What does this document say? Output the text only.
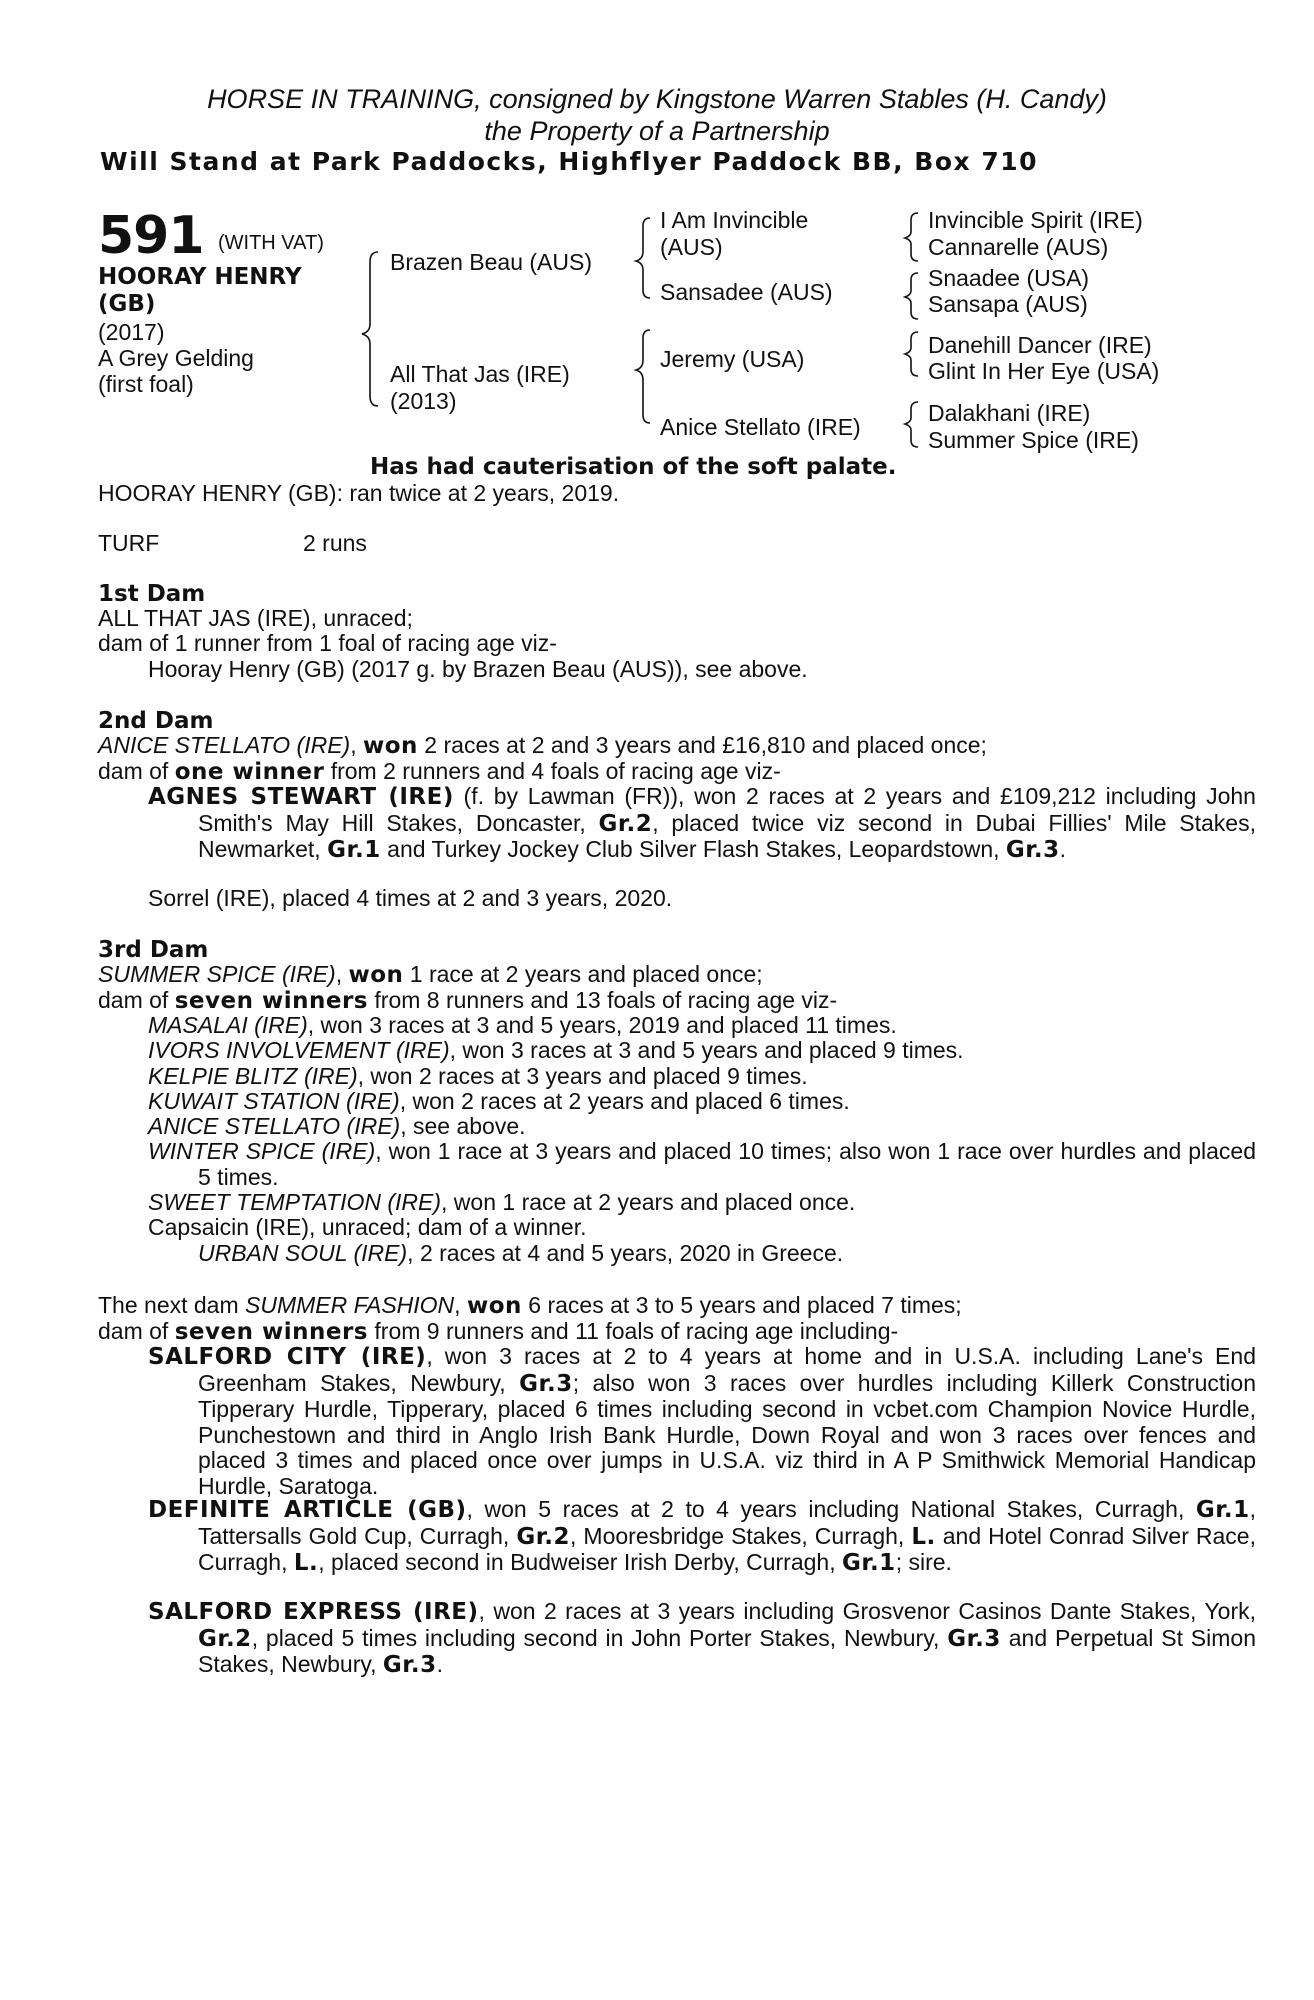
HORSE IN TRAINING, consigned by Kingstone Warren Stables (H. Candy)
the Property of a Partnership
Will Stand at Park Paddocks, Highflyer Paddock BB, Box 710
591 (WITH VAT)
HOORAY HENRY
(GB)
(2017)
A Grey Gelding
(first foal)
Brazen Beau (AUS)
All That Jas (IRE)
(2013)
I Am Invincible
(AUS)
Sansadee (AUS)
Jeremy (USA)
Anice Stellato (IRE)
Invincible Spirit (IRE)
Cannarelle (AUS)
Snaadee (USA)
Sansapa (AUS)
Danehill Dancer (IRE)
Glint In Her Eye (USA)
Dalakhani (IRE)
Summer Spice (IRE)
Has had cauterisation of the soft palate.
HOORAY HENRY (GB): ran twice at 2 years, 2019.
TURF	2 runs
1st Dam
ALL THAT JAS (IRE), unraced;
dam of 1 runner from 1 foal of racing age viz-
Hooray Henry (GB) (2017 g. by Brazen Beau (AUS)), see above.
2nd Dam
ANICE STELLATO (IRE), won 2 races at 2 and 3 years and £16,810 and placed once;
dam of one winner from 2 runners and 4 foals of racing age viz-
AGNES STEWART (IRE) (f. by Lawman (FR)), won 2 races at 2 years and £109,212 including John Smith's May Hill Stakes, Doncaster, Gr.2, placed twice viz second in Dubai Fillies' Mile Stakes, Newmarket, Gr.1 and Turkey Jockey Club Silver Flash Stakes, Leopardstown, Gr.3.
Sorrel (IRE), placed 4 times at 2 and 3 years, 2020.
3rd Dam
SUMMER SPICE (IRE), won 1 race at 2 years and placed once;
dam of seven winners from 8 runners and 13 foals of racing age viz-
MASALAI (IRE), won 3 races at 3 and 5 years, 2019 and placed 11 times.
IVORS INVOLVEMENT (IRE), won 3 races at 3 and 5 years and placed 9 times.
KELPIE BLITZ (IRE), won 2 races at 3 years and placed 9 times.
KUWAIT STATION (IRE), won 2 races at 2 years and placed 6 times.
ANICE STELLATO (IRE), see above.
WINTER SPICE (IRE), won 1 race at 3 years and placed 10 times; also won 1 race over hurdles and placed 5 times.
SWEET TEMPTATION (IRE), won 1 race at 2 years and placed once.
Capsaicin (IRE), unraced; dam of a winner.
URBAN SOUL (IRE), 2 races at 4 and 5 years, 2020 in Greece.
The next dam SUMMER FASHION, won 6 races at 3 to 5 years and placed 7 times;
dam of seven winners from 9 runners and 11 foals of racing age including-
SALFORD CITY (IRE), won 3 races at 2 to 4 years at home and in U.S.A. including Lane's End Greenham Stakes, Newbury, Gr.3; also won 3 races over hurdles including Killerk Construction Tipperary Hurdle, Tipperary, placed 6 times including second in vcbet.com Champion Novice Hurdle, Punchestown and third in Anglo Irish Bank Hurdle, Down Royal and won 3 races over fences and placed 3 times and placed once over jumps in U.S.A. viz third in A P Smithwick Memorial Handicap Hurdle, Saratoga.
DEFINITE ARTICLE (GB), won 5 races at 2 to 4 years including National Stakes, Curragh, Gr.1, Tattersalls Gold Cup, Curragh, Gr.2, Mooresbridge Stakes, Curragh, L. and Hotel Conrad Silver Race, Curragh, L., placed second in Budweiser Irish Derby, Curragh, Gr.1; sire.
SALFORD EXPRESS (IRE), won 2 races at 3 years including Grosvenor Casinos Dante Stakes, York, Gr.2, placed 5 times including second in John Porter Stakes, Newbury, Gr.3 and Perpetual St Simon Stakes, Newbury, Gr.3.
